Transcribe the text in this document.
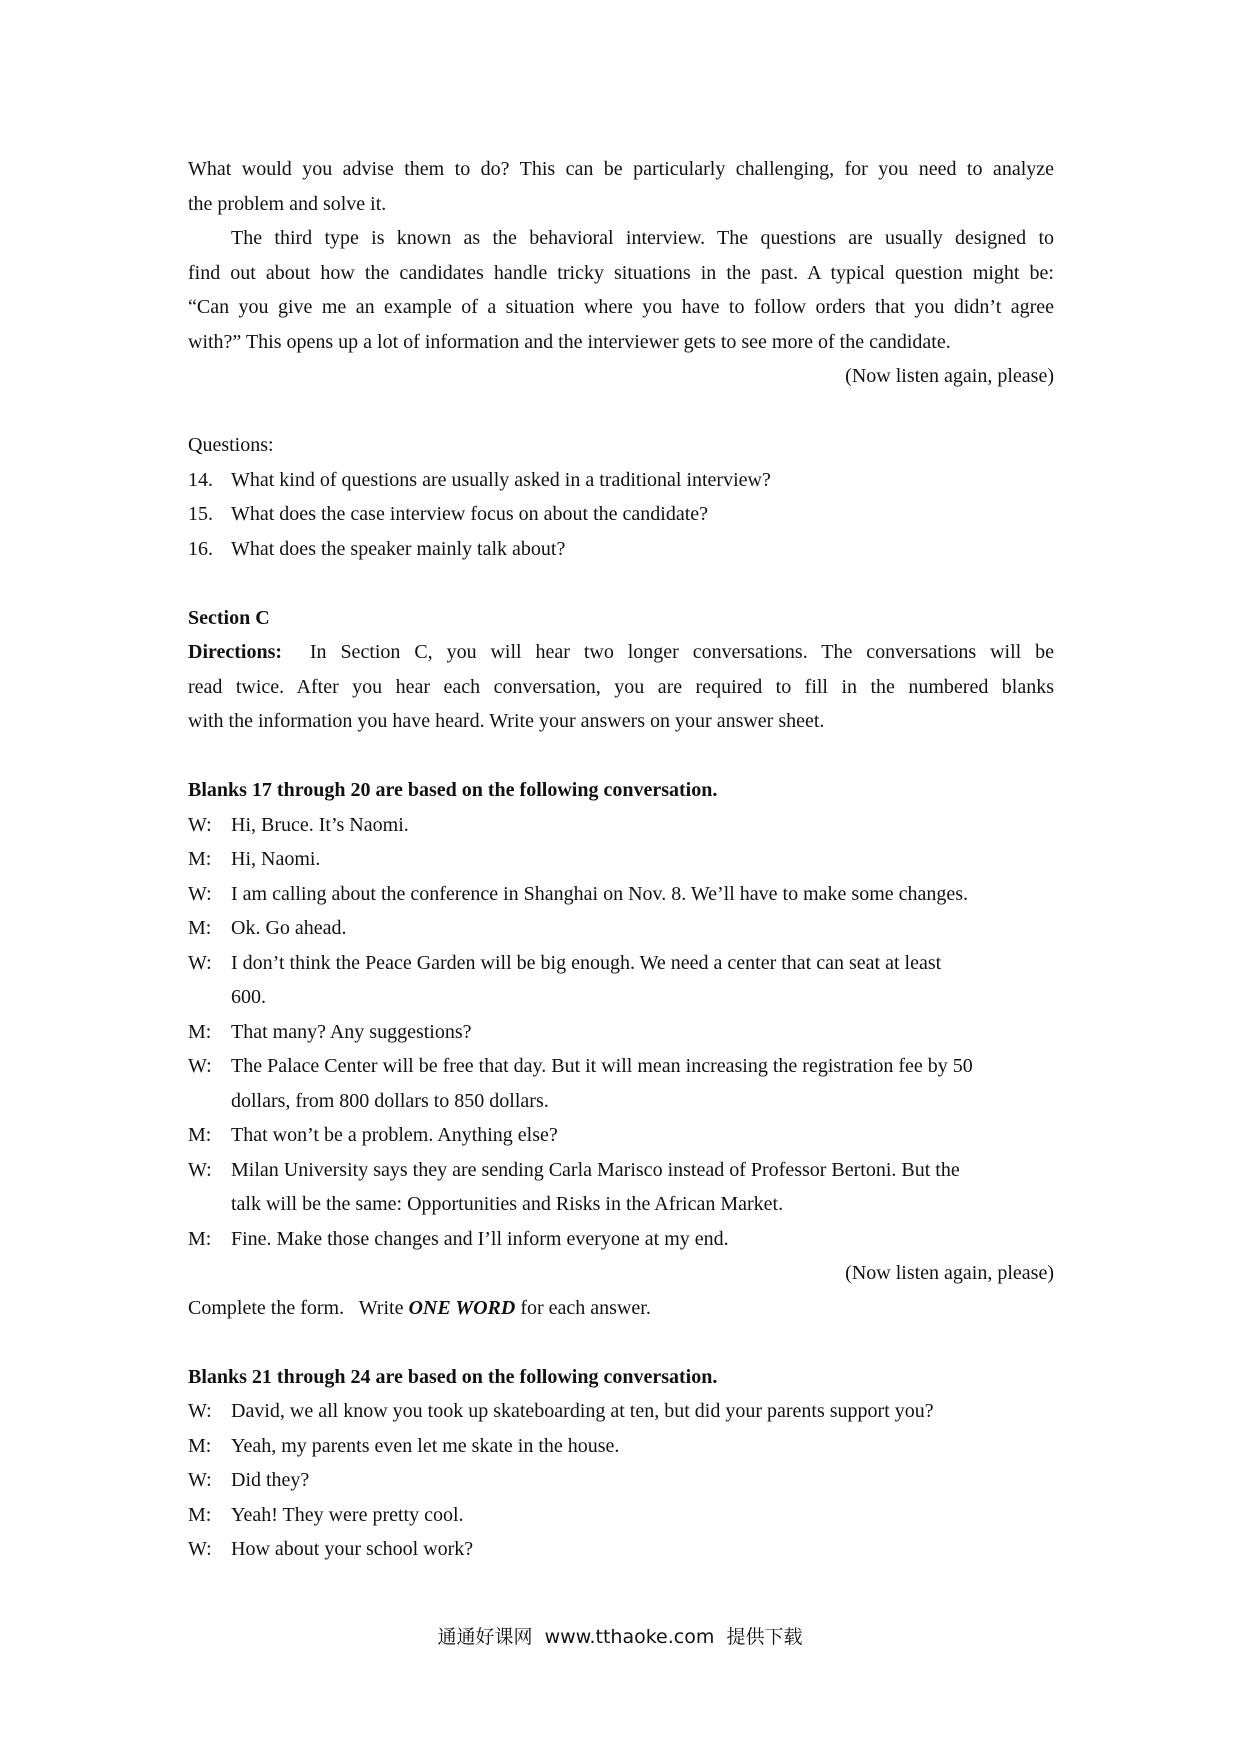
What would you advise them to do? This can be particularly challenging, for you need to analyze
the problem and solve it.
The third type is known as the behavioral interview. The questions are usually designed to
find out about how the candidates handle tricky situations in the past. A typical question might be:
“Can you give me an example of a situation where you have to follow orders that you didn’t agree
with?” This opens up a lot of information and the interviewer gets to see more of the candidate.
(Now listen again, please)
Questions:
14. What kind of questions are usually asked in a traditional interview?
15. What does the case interview focus on about the candidate?
16. What does the speaker mainly talk about?
Section C
Directions: In Section C, you will hear two longer conversations. The conversations will be
read twice. After you hear each conversation, you are required to fill in the numbered blanks
with the information you have heard. Write your answers on your answer sheet.
Blanks 17 through 20 are based on the following conversation.
W: Hi, Bruce. It’s Naomi.
M: Hi, Naomi.
W: I am calling about the conference in Shanghai on Nov. 8. We’ll have to make some changes.
M: Ok. Go ahead.
W: I don’t think the Peace Garden will be big enough. We need a center that can seat at least
600.
M: That many? Any suggestions?
W: The Palace Center will be free that day. But it will mean increasing the registration fee by 50
dollars, from 800 dollars to 850 dollars.
M: That won’t be a problem. Anything else?
W: Milan University says they are sending Carla Marisco instead of Professor Bertoni. But the
talk will be the same: Opportunities and Risks in the African Market.
M: Fine. Make those changes and I’ll inform everyone at my end.
(Now listen again, please)
Complete the form.   Write ONE WORD for each answer.
Blanks 21 through 24 are based on the following conversation.
W: David, we all know you took up skateboarding at ten, but did your parents support you?
M: Yeah, my parents even let me skate in the house.
W: Did they?
M: Yeah! They were pretty cool.
W: How about your school work?
通通好课网  www.tthaoke.com  提供下载
